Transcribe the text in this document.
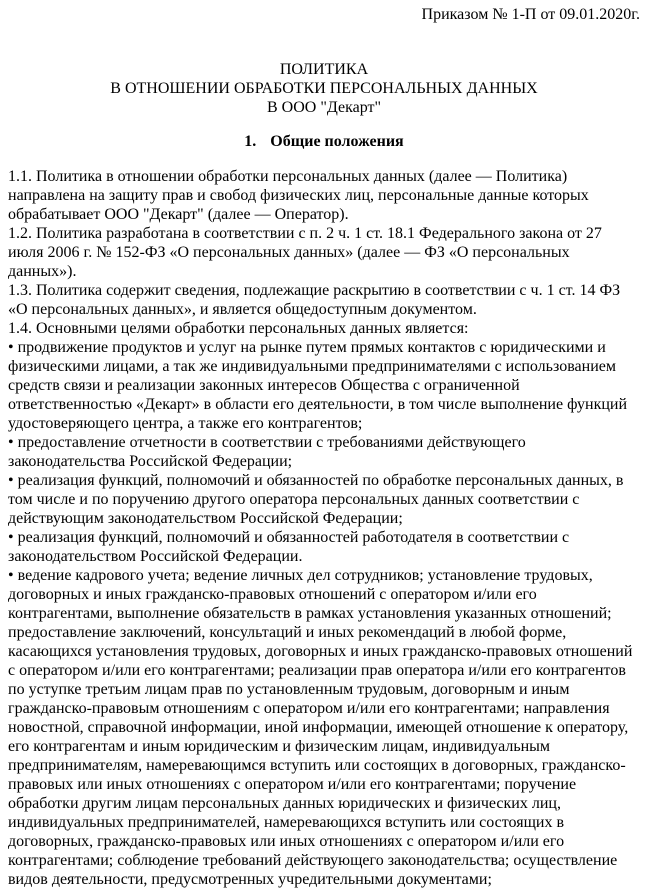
Приказом № 1-П от 09.01.2020г.
ПОЛИТИКА
В ОТНОШЕНИИ ОБРАБОТКИ ПЕРСОНАЛЬНЫХ ДАННЫХ
В ООО "Декарт"
1. Общие положения

1.1. Политика в отношении обработки персональных данных (далее — Политика) направлена на защиту прав и свобод физических лиц, персональные данные которых обрабатывает ООО "Декарт" (далее — Оператор).

1.2. Политика разработана в соответствии с п. 2 ч. 1 ст. 18.1 Федерального закона от 27 июля 2006 г. № 152-ФЗ «О персональных данных» (далее — ФЗ «О персональных данных»).

1.3. Политика содержит сведения, подлежащие раскрытию в соответствии с ч. 1 ст. 14 ФЗ «О персональных данных», и является общедоступным документом.

1.4. Основными целями обработки персональных данных является:

• продвижение продуктов и услуг на рынке путем прямых контактов с юридическими и физическими лицами, а так же индивидуальными предпринимателями с использованием средств связи и реализации законных интересов Общества с ограниченной ответственностью «Декарт» в области его деятельности, в том числе выполнение функций удостоверяющего центра, а также его контрагентов;

• предоставление отчетности в соответствии с требованиями действующего законодательства Российской Федерации;

• реализация функций, полномочий и обязанностей по обработке персональных данных, в том числе и по поручению другого оператора персональных данных соответствии с действующим законодательством Российской Федерации;

• реализация функций, полномочий и обязанностей работодателя в соответствии с законодательством Российской Федерации.

• ведение кадрового учета; ведение личных дел сотрудников; установление трудовых, договорных и иных гражданско-правовых отношений с оператором и/или его контрагентами, выполнение обязательств в рамках установления указанных отношений; предоставление заключений, консультаций и иных рекомендаций в любой форме, касающихся установления трудовых, договорных и иных гражданско-правовых отношений с оператором и/или его контрагентами; реализации прав оператора и/или его контрагентов по уступке третьим лицам прав по установленным трудовым, договорным и иным гражданско-правовым отношениям с оператором и/или его контрагентами; направления новостной, справочной информации, иной информации, имеющей отношение к оператору, его контрагентам и иным юридическим и физическим лицам, индивидуальным предпринимателям, намеревающимся вступить или состоящих в договорных, гражданско-правовых или иных отношениях с оператором и/или его контрагентами; поручение обработки другим лицам персональных данных юридических и физических лиц, индивидуальных предпринимателей, намеревающихся вступить или состоящих в договорных, гражданско-правовых или иных отношениях с оператором и/или его контрагентами; соблюдение требований действующего законодательства; осуществление видов деятельности, предусмотренных учредительными документами;
